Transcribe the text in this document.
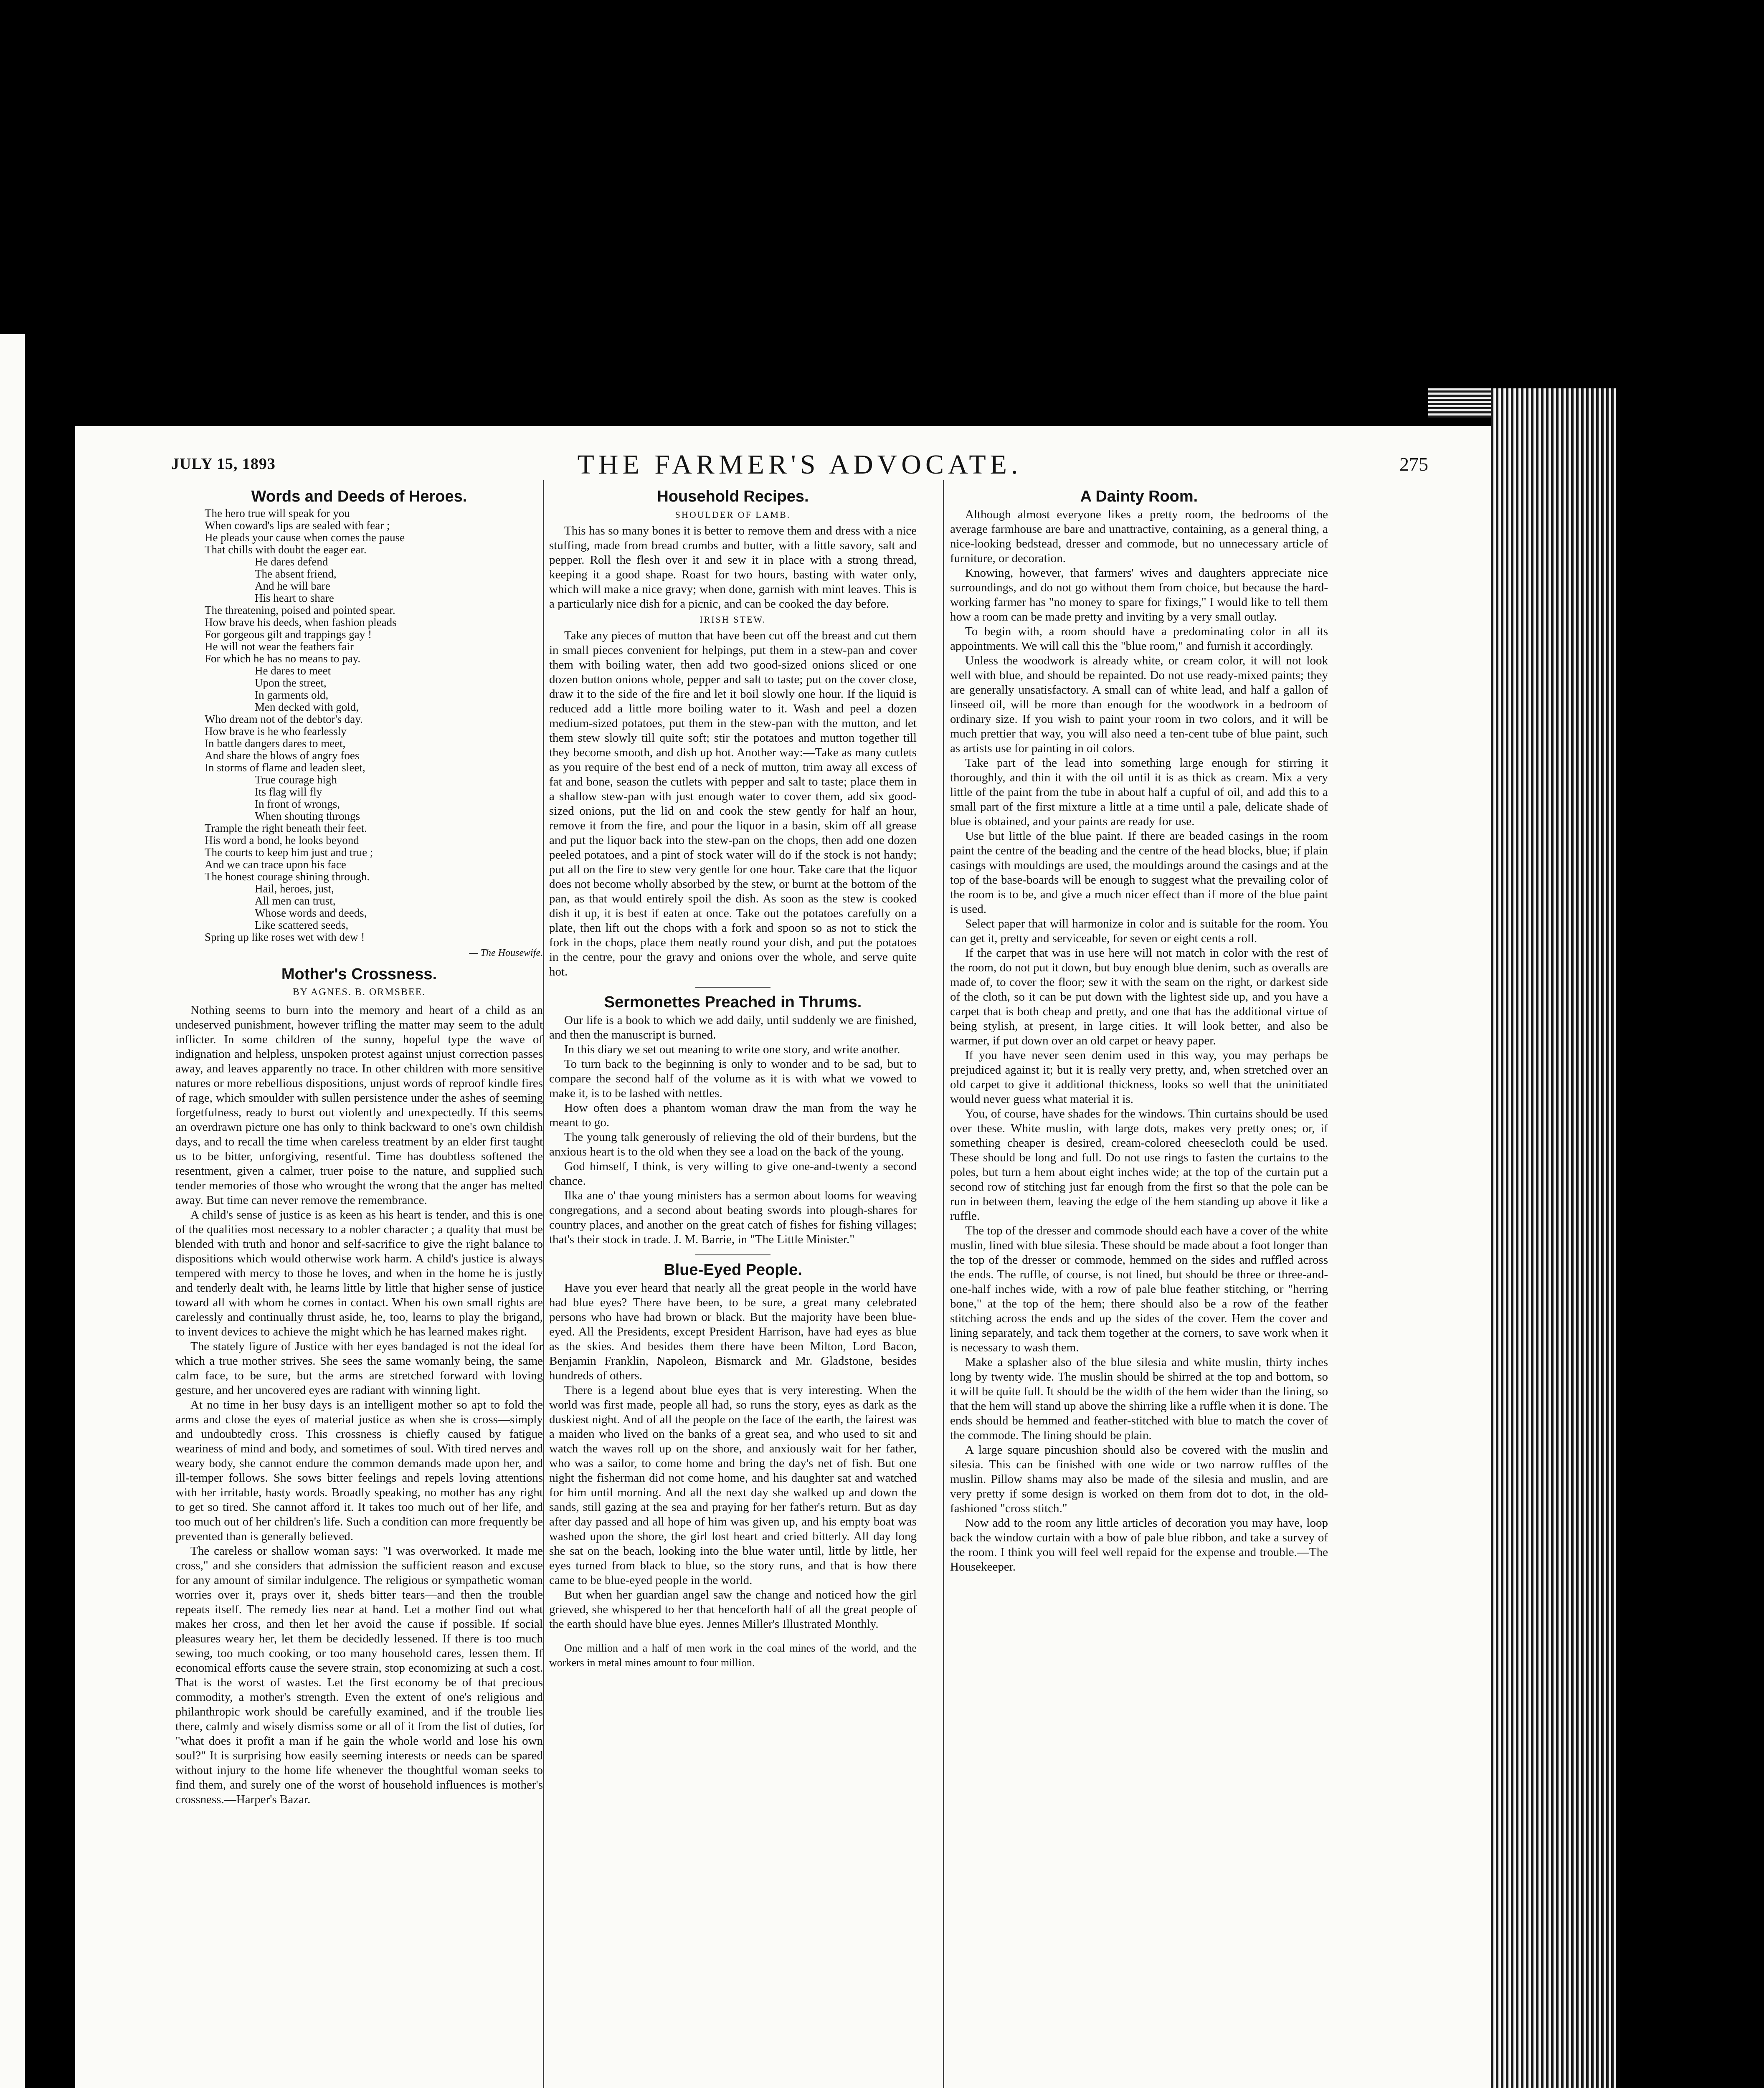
JULY 15, 1893	THE FARMER'S ADVOCATE.	275
Words and Deeds of Heroes.
The hero true will speak for you
When coward's lips are sealed with fear ;
He pleads your cause when comes the pause
That chills with doubt the eager ear.
He dares defend
The absent friend,
And he will bare
His heart to share
The threatening, poised and pointed spear.
How brave his deeds, when fashion pleads
For gorgeous gilt and trappings gay !
He will not wear the feathers fair
For which he has no means to pay.
He dares to meet
Upon the street,
In garments old,
Men decked with gold,
Who dream not of the debtor's day.
How brave is he who fearlessly
In battle dangers dares to meet,
And share the blows of angry foes
In storms of flame and leaden sleet,
True courage high
Its flag will fly
In front of wrongs,
When shouting throngs
Trample the right beneath their feet.
His word a bond, he looks beyond
The courts to keep him just and true ;
And we can trace upon his face
The honest courage shining through.
Hail, heroes, just,
All men can trust,
Whose words and deeds,
Like scattered seeds,
Spring up like roses wet with dew !
— The Housewife.
Mother's Crossness.
BY AGNES. B. ORMSBEE.

Nothing seems to burn into the memory and heart of a child as an undeserved punishment, however trifling the matter may seem to the adult inflicter. In some children of the sunny, hopeful type the wave of indignation and helpless, unspoken protest against unjust correction passes away, and leaves apparently no trace. In other children with more sensitive natures or more rebellious dispositions, unjust words of reproof kindle fires of rage, which smoulder with sullen persistence under the ashes of seeming forgetfulness, ready to burst out violently and unexpectedly. If this seems an overdrawn picture one has only to think backward to one's own childish days, and to recall the time when careless treatment by an elder first taught us to be bitter, unforgiving, resentful. Time has doubtless softened the resentment, given a calmer, truer poise to the nature, and supplied such tender memories of those who wrought the wrong that the anger has melted away. But time can never remove the remembrance.

A child's sense of justice is as keen as his heart is tender, and this is one of the qualities most necessary to a nobler character ; a quality that must be blended with truth and honor and self-sacrifice to give the right balance to dispositions which would otherwise work harm. A child's justice is always tempered with mercy to those he loves, and when in the home he is justly and tenderly dealt with, he learns little by little that higher sense of justice toward all with whom he comes in contact. When his own small rights are carelessly and continually thrust aside, he, too, learns to play the brigand, to invent devices to achieve the might which he has learned makes right.

The stately figure of Justice with her eyes bandaged is not the ideal for which a true mother strives. She sees the same womanly being, the same calm face, to be sure, but the arms are stretched forward with loving gesture, and her uncovered eyes are radiant with winning light.

At no time in her busy days is an intelligent mother so apt to fold the arms and close the eyes of material justice as when she is cross—simply and undoubtedly cross. This crossness is chiefly caused by fatigue weariness of mind and body, and sometimes of soul. With tired nerves and weary body, she cannot endure the common demands made upon her, and ill-temper follows. She sows bitter feelings and repels loving attentions with her irritable, hasty words. Broadly speaking, no mother has any right to get so tired. She cannot afford it. It takes too much out of her life, and too much out of her children's life. Such a condition can more frequently be prevented than is generally believed.

The careless or shallow woman says: "I was overworked. It made me cross," and she considers that admission the sufficient reason and excuse for any amount of similar indulgence. The religious or sympathetic woman worries over it, prays over it, sheds bitter tears—and then the trouble repeats itself. The remedy lies near at hand. Let a mother find out what makes her cross, and then let her avoid the cause if possible. If social pleasures weary her, let them be decidedly lessened. If there is too much sewing, too much cooking, or too many household cares, lessen them. If economical efforts cause the severe strain, stop economizing at such a cost. That is the worst of wastes. Let the first economy be of that precious commodity, a mother's strength. Even the extent of one's religious and philanthropic work should be carefully examined, and if the trouble lies there, calmly and wisely dismiss some or all of it from the list of duties, for "what does it profit a man if he gain the whole world and lose his own soul?" It is surprising how easily seeming interests or needs can be spared without injury to the home life whenever the thoughtful woman seeks to find them, and surely one of the worst of household influences is mother's crossness.—Harper's Bazar.

Household Recipes.
SHOULDER OF LAMB.

This has so many bones it is better to remove them and dress with a nice stuffing, made from bread crumbs and butter, with a little savory, salt and pepper. Roll the flesh over it and sew it in place with a strong thread, keeping it a good shape. Roast for two hours, basting with water only, which will make a nice gravy; when done, garnish with mint leaves. This is a particularly nice dish for a picnic, and can be cooked the day before.

IRISH STEW.

Take any pieces of mutton that have been cut off the breast and cut them in small pieces convenient for helpings, put them in a stew-pan and cover them with boiling water, then add two good-sized onions sliced or one dozen button onions whole, pepper and salt to taste; put on the cover close, draw it to the side of the fire and let it boil slowly one hour. If the liquid is reduced add a little more boiling water to it. Wash and peel a dozen medium-sized potatoes, put them in the stew-pan with the mutton, and let them stew slowly till quite soft; stir the potatoes and mutton together till they become smooth, and dish up hot. Another way:—Take as many cutlets as you require of the best end of a neck of mutton, trim away all excess of fat and bone, season the cutlets with pepper and salt to taste; place them in a shallow stew-pan with just enough water to cover them, add six good-sized onions, put the lid on and cook the stew gently for half an hour, remove it from the fire, and pour the liquor in a basin, skim off all grease and put the liquor back into the stew-pan on the chops, then add one dozen peeled potatoes, and a pint of stock water will do if the stock is not handy; put all on the fire to stew very gentle for one hour. Take care that the liquor does not become wholly absorbed by the stew, or burnt at the bottom of the pan, as that would entirely spoil the dish. As soon as the stew is cooked dish it up, it is best if eaten at once. Take out the potatoes carefully on a plate, then lift out the chops with a fork and spoon so as not to stick the fork in the chops, place them neatly round your dish, and put the potatoes in the centre, pour the gravy and onions over the whole, and serve quite hot.

Sermonettes Preached in Thrums.

Our life is a book to which we add daily, until suddenly we are finished, and then the manuscript is burned.

In this diary we set out meaning to write one story, and write another.

To turn back to the beginning is only to wonder and to be sad, but to compare the second half of the volume as it is with what we vowed to make it, is to be lashed with nettles.

How often does a phantom woman draw the man from the way he meant to go.

The young talk generously of relieving the old of their burdens, but the anxious heart is to the old when they see a load on the back of the young.

God himself, I think, is very willing to give one-and-twenty a second chance.

Ilka ane o' thae young ministers has a sermon about looms for weaving congregations, and a second about beating swords into plough-shares for country places, and another on the great catch of fishes for fishing villages; that's their stock in trade. J. M. Barrie, in "The Little Minister."

Blue-Eyed People.

Have you ever heard that nearly all the great people in the world have had blue eyes? There have been, to be sure, a great many celebrated persons who have had brown or black. But the majority have been blue-eyed. All the Presidents, except President Harrison, have had eyes as blue as the skies. And besides them there have been Milton, Lord Bacon, Benjamin Franklin, Napoleon, Bismarck and Mr. Gladstone, besides hundreds of others.

There is a legend about blue eyes that is very interesting. When the world was first made, people all had, so runs the story, eyes as dark as the duskiest night. And of all the people on the face of the earth, the fairest was a maiden who lived on the banks of a great sea, and who used to sit and watch the waves roll up on the shore, and anxiously wait for her father, who was a sailor, to come home and bring the day's net of fish. But one night the fisherman did not come home, and his daughter sat and watched for him until morning. And all the next day she walked up and down the sands, still gazing at the sea and praying for her father's return. But as day after day passed and all hope of him was given up, and his empty boat was washed upon the shore, the girl lost heart and cried bitterly. All day long she sat on the beach, looking into the blue water until, little by little, her eyes turned from black to blue, so the story runs, and that is how there came to be blue-eyed people in the world.

But when her guardian angel saw the change and noticed how the girl grieved, she whispered to her that henceforth half of all the great people of the earth should have blue eyes. Jennes Miller's Illustrated Monthly.

One million and a half of men work in the coal mines of the world, and the workers in metal mines amount to four million.

A Dainty Room.

Although almost everyone likes a pretty room, the bedrooms of the average farmhouse are bare and unattractive, containing, as a general thing, a nice-looking bedstead, dresser and commode, but no unnecessary article of furniture, or decoration.

Knowing, however, that farmers' wives and daughters appreciate nice surroundings, and do not go without them from choice, but because the hard-working farmer has "no money to spare for fixings," I would like to tell them how a room can be made pretty and inviting by a very small outlay.

To begin with, a room should have a predominating color in all its appointments. We will call this the "blue room," and furnish it accordingly.

Unless the woodwork is already white, or cream color, it will not look well with blue, and should be repainted. Do not use ready-mixed paints; they are generally unsatisfactory. A small can of white lead, and half a gallon of linseed oil, will be more than enough for the woodwork in a bedroom of ordinary size. If you wish to paint your room in two colors, and it will be much prettier that way, you will also need a ten-cent tube of blue paint, such as artists use for painting in oil colors.

Take part of the lead into something large enough for stirring it thoroughly, and thin it with the oil until it is as thick as cream. Mix a very little of the paint from the tube in about half a cupful of oil, and add this to a small part of the first mixture a little at a time until a pale, delicate shade of blue is obtained, and your paints are ready for use.

Use but little of the blue paint. If there are beaded casings in the room paint the centre of the beading and the centre of the head blocks, blue; if plain casings with mouldings are used, the mouldings around the casings and at the top of the base-boards will be enough to suggest what the prevailing color of the room is to be, and give a much nicer effect than if more of the blue paint is used.

Select paper that will harmonize in color and is suitable for the room. You can get it, pretty and serviceable, for seven or eight cents a roll.

If the carpet that was in use here will not match in color with the rest of the room, do not put it down, but buy enough blue denim, such as overalls are made of, to cover the floor; sew it with the seam on the right, or darkest side of the cloth, so it can be put down with the lightest side up, and you have a carpet that is both cheap and pretty, and one that has the additional virtue of being stylish, at present, in large cities. It will look better, and also be warmer, if put down over an old carpet or heavy paper.

If you have never seen denim used in this way, you may perhaps be prejudiced against it; but it is really very pretty, and, when stretched over an old carpet to give it additional thickness, looks so well that the uninitiated would never guess what material it is.

You, of course, have shades for the windows. Thin curtains should be used over these. White muslin, with large dots, makes very pretty ones; or, if something cheaper is desired, cream-colored cheesecloth could be used. These should be long and full. Do not use rings to fasten the curtains to the poles, but turn a hem about eight inches wide; at the top of the curtain put a second row of stitching just far enough from the first so that the pole can be run in between them, leaving the edge of the hem standing up above it like a ruffle.

The top of the dresser and commode should each have a cover of the white muslin, lined with blue silesia. These should be made about a foot longer than the top of the dresser or commode, hemmed on the sides and ruffled across the ends. The ruffle, of course, is not lined, but should be three or three-and-one-half inches wide, with a row of pale blue feather stitching, or "herring bone," at the top of the hem; there should also be a row of the feather stitching across the ends and up the sides of the cover. Hem the cover and lining separately, and tack them together at the corners, to save work when it is necessary to wash them.

Make a splasher also of the blue silesia and white muslin, thirty inches long by twenty wide. The muslin should be shirred at the top and bottom, so it will be quite full. It should be the width of the hem wider than the lining, so that the hem will stand up above the shirring like a ruffle when it is done. The ends should be hemmed and feather-stitched with blue to match the cover of the commode. The lining should be plain.

A large square pincushion should also be covered with the muslin and silesia. This can be finished with one wide or two narrow ruffles of the muslin. Pillow shams may also be made of the silesia and muslin, and are very pretty if some design is worked on them from dot to dot, in the old-fashioned "cross stitch."

Now add to the room any little articles of decoration you may have, loop back the window curtain with a bow of pale blue ribbon, and take a survey of the room. I think you will feel well repaid for the expense and trouble.—The Housekeeper.
